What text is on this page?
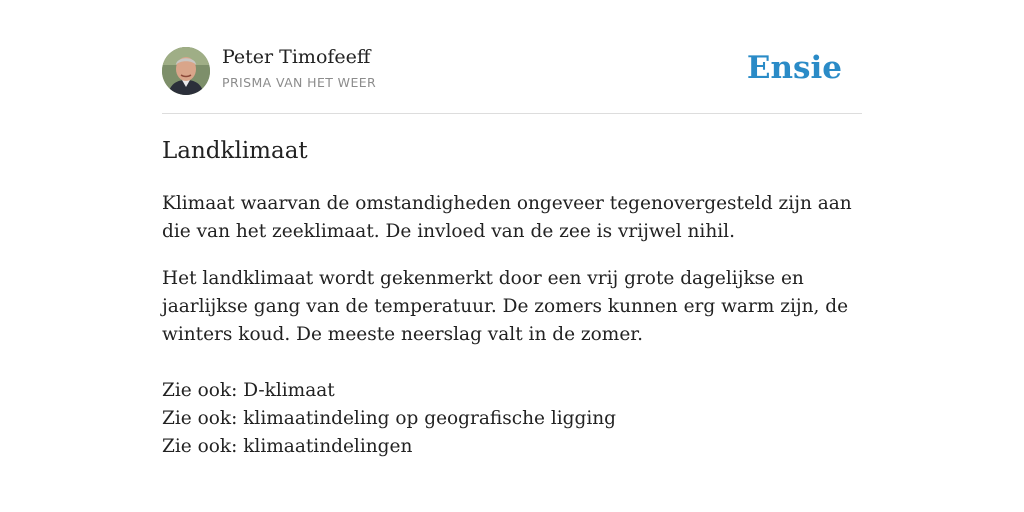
Peter Timofeeff
PRISMA VAN HET WEER	Ensie
Landklimaat

Klimaat waarvan de omstandigheden ongeveer tegenovergesteld zijn aan die van het zeeklimaat. De invloed van de zee is vrijwel nihil.

Het landklimaat wordt gekenmerkt door een vrij grote dagelijkse en jaarlijkse gang van de temperatuur. De zomers kunnen erg warm zijn, de winters koud. De meeste neerslag valt in de zomer.

Zie ook: D-klimaat
Zie ook: klimaatindeling op geografische ligging
Zie ook: klimaatindelingen
